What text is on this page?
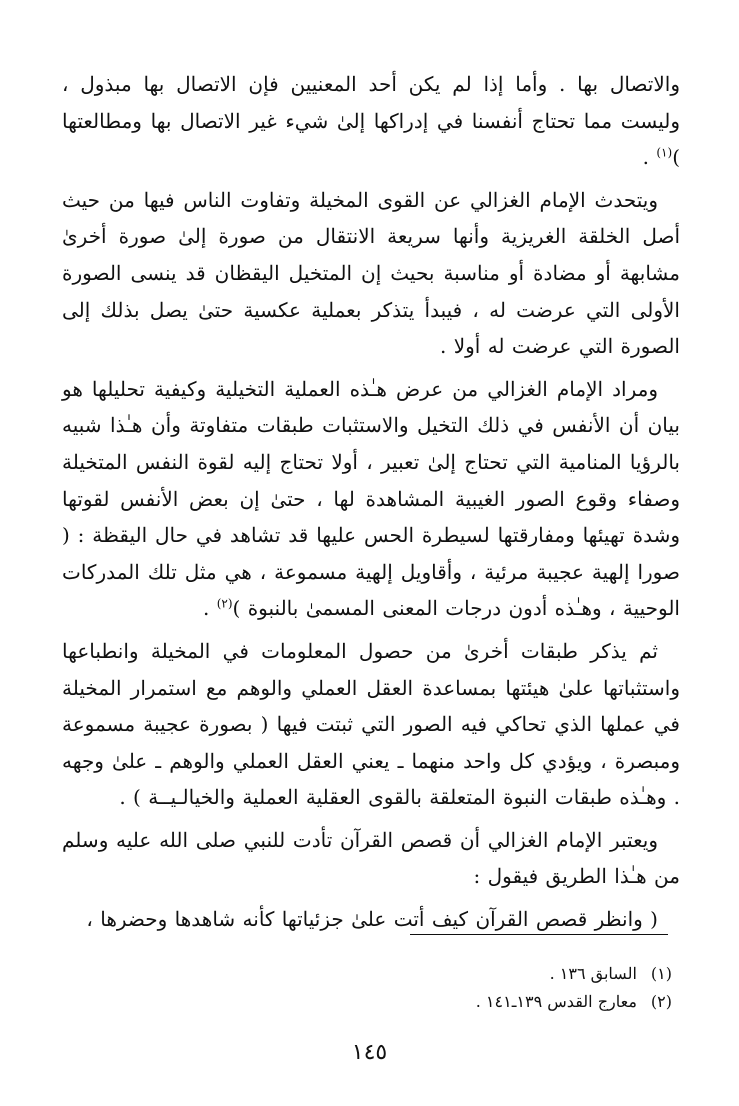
والاتصال بها . وأما إذا لم يكن أحد المعنيين فإن الاتصال بها مبذول ، وليست مما تحتاج أنفسنا في إدراكها إلىٰ شيء غير الاتصال بها ومطالعتها )$^{(١)}$ .

ويتحدث الإمام الغزالي عن القوى المخيلة وتفاوت الناس فيها من حيث أصل الخلقة الغريزية وأنها سريعة الانتقال من صورة إلىٰ صورة أخرىٰ مشابهة أو مضادة أو مناسبة بحيث إن المتخيل اليقظان قد ينسى الصورة الأولى التي عرضت له ، فيبدأ يتذكر بعملية عكسية حتىٰ يصل بذلك إلى الصورة التي عرضت له أولا .

ومراد الإمام الغزالي من عرض هـٰذه العملية التخيلية وكيفية تحليلها هو بيان أن الأنفس في ذلك التخيل والاستثبات طبقات متفاوتة وأن هـٰذا شبيه بالرؤيا المنامية التي تحتاج إلىٰ تعبير ، أولا تحتاج إليه لقوة النفس المتخيلة وصفاء وقوع الصور الغيبية المشاهدة لها ، حتىٰ إن بعض الأنفس لقوتها وشدة تهيئها ومفارقتها لسيطرة الحس عليها قد تشاهد في حال اليقظة : ( صورا إلهية عجيبة مرئية ، وأقاويل إلهية مسموعة ، هي مثل تلك المدركات الوحيية ، وهـٰذه أدون درجات المعنى المسمىٰ بالنبوة )$^{(٢)}$ .

ثم يذكر طبقات أخرىٰ من حصول المعلومات في المخيلة وانطباعها واستثباتها علىٰ هيئتها بمساعدة العقل العملي والوهم مع استمرار المخيلة في عملها الذي تحاكي فيه الصور التي ثبتت فيها ( بصورة عجيبة مسموعة ومبصرة ، ويؤدي كل واحد منهما ـ يعني العقل العملي والوهم ـ علىٰ وجهه . وهـٰذه طبقات النبوة المتعلقة بالقوى العقلية العملية والخيالـيــة ) .

ويعتبر الإمام الغزالي أن قصص القرآن تأدت للنبي صلى الله عليه وسلم من هـٰذا الطريق فيقول :

( وانظر قصص القرآن كيف أتت علىٰ جزئياتها كأنه شاهدها وحضرها ،

(١)
السابق ١٣٦ .
(٢)
معارج القدس ١٣٩ـ١٤١ .
١٤٥
